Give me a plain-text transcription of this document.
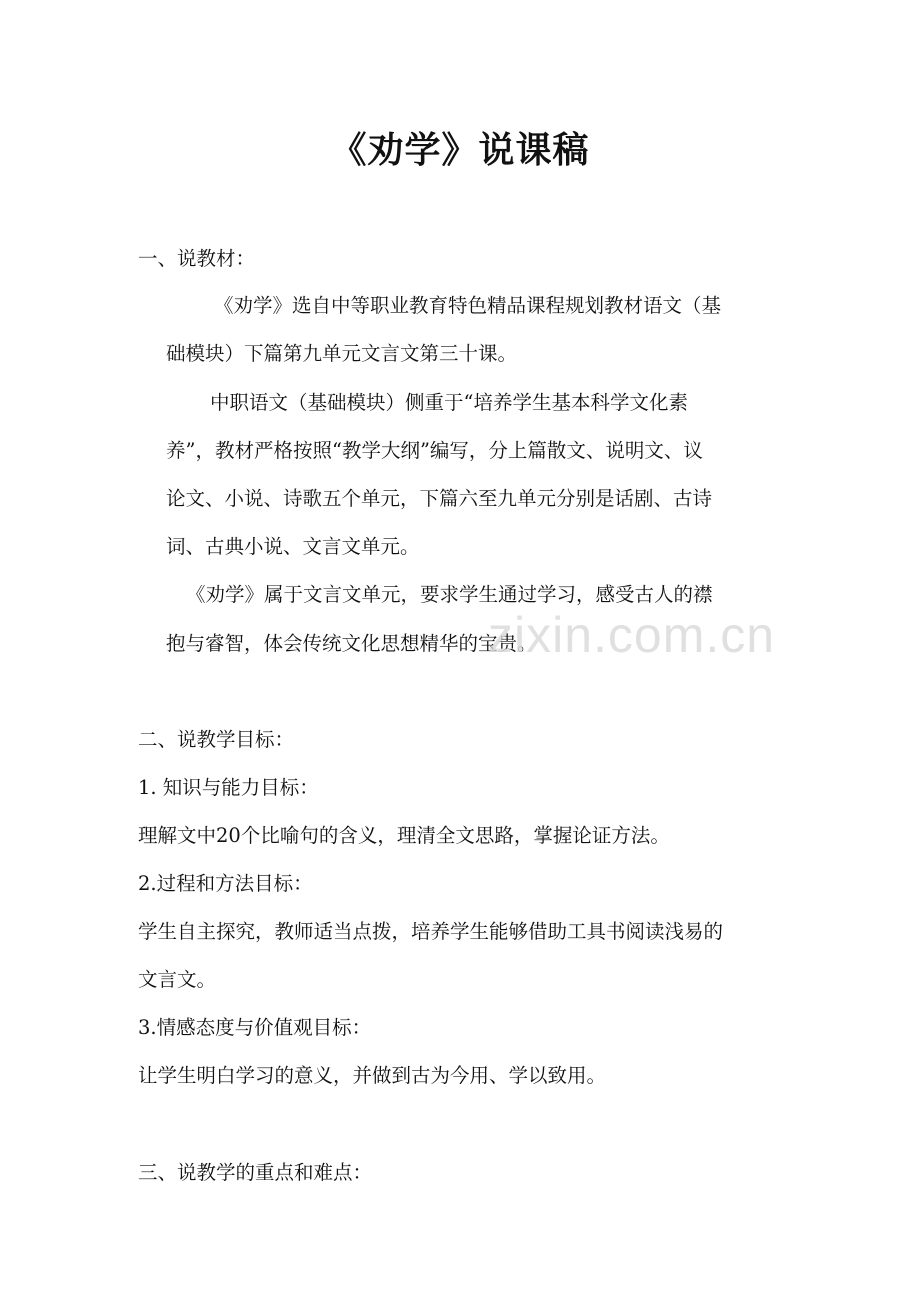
《劝学》说课稿
一、说教材：
《劝学》选自中等职业教育特色精品课程规划教材语文（基
础模块）下篇第九单元文言文第三十课。
中职语文（基础模块）侧重于“培养学生基本科学文化素
养”，教材严格按照“教学大纲”编写，分上篇散文、说明文、议
论文、小说、诗歌五个单元，下篇六至九单元分别是话剧、古诗
词、古典小说、文言文单元。
《劝学》属于文言文单元，要求学生通过学习，感受古人的襟
抱与睿智，体会传统文化思想精华的宝贵。
二、说教学目标：
1. 知识与能力目标：
理解文中20个比喻句的含义，理清全文思路，掌握论证方法。
2.过程和方法目标：
学生自主探究，教师适当点拨，培养学生能够借助工具书阅读浅易的
文言文。
3.情感态度与价值观目标：
让学生明白学习的意义，并做到古为今用、学以致用。
三、说教学的重点和难点：
zixin.com.cn
